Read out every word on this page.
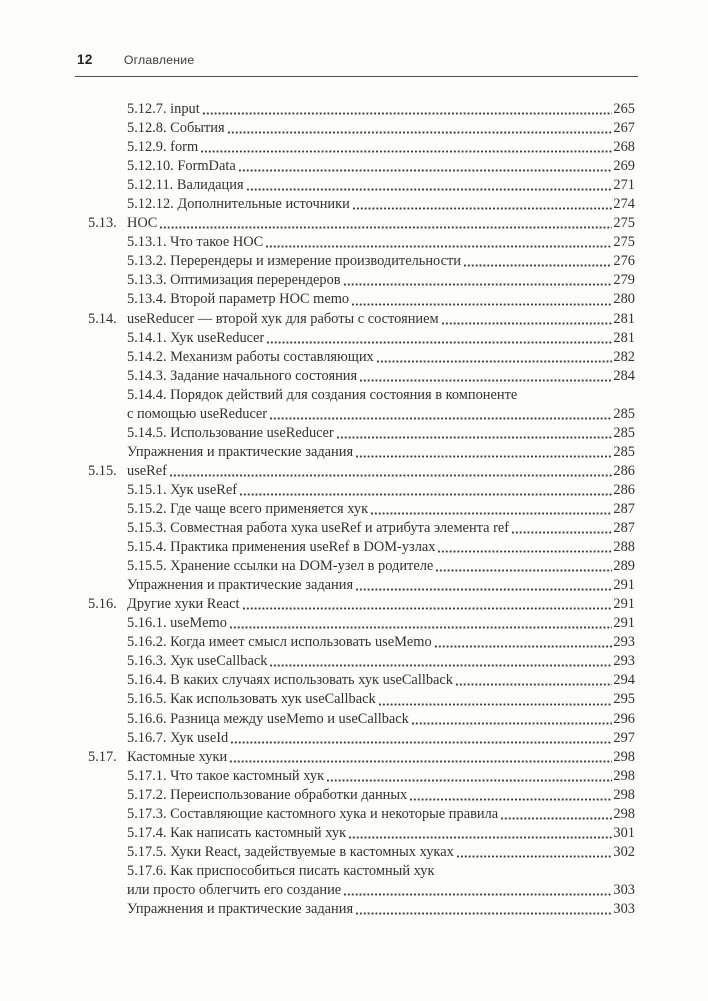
12	Оглавление
5.12.7. input	265
5.12.8. События	267
5.12.9. form	268
5.12.10. FormData	269
5.12.11. Валидация	271
5.12.12. Дополнительные источники	274
5.13. HOC	275
5.13.1. Что такое HOC	275
5.13.2. Перерендеры и измерение производительности	276
5.13.3. Оптимизация перерендеров	279
5.13.4. Второй параметр HOC memo	280
5.14. useReducer — второй хук для работы с состоянием	281
5.14.1. Хук useReducer	281
5.14.2. Механизм работы составляющих	282
5.14.3. Задание начального состояния	284
5.14.4. Порядок действий для создания состояния в компоненте
с помощью useReducer	285
5.14.5. Использование useReducer	285
Упражнения и практические задания	285
5.15. useRef	286
5.15.1. Хук useRef	286
5.15.2. Где чаще всего применяется хук	287
5.15.3. Совместная работа хука useRef и атрибута элемента ref	287
5.15.4. Практика применения useRef в DOM-узлах	288
5.15.5. Хранение ссылки на DOM-узел в родителе	289
Упражнения и практические задания	291
5.16. Другие хуки React	291
5.16.1. useMemo	291
5.16.2. Когда имеет смысл использовать useMemo	293
5.16.3. Хук useCallback	293
5.16.4. В каких случаях использовать хук useCallback	294
5.16.5. Как использовать хук useCallback	295
5.16.6. Разница между useMemo и useCallback	296
5.16.7. Хук useId	297
5.17. Кастомные хуки	298
5.17.1. Что такое кастомный хук	298
5.17.2. Переиспользование обработки данных	298
5.17.3. Составляющие кастомного хука и некоторые правила	298
5.17.4. Как написать кастомный хук	301
5.17.5. Хуки React, задействуемые в кастомных хуках	302
5.17.6. Как приспособиться писать кастомный хук
или просто облегчить его создание	303
Упражнения и практические задания	303
